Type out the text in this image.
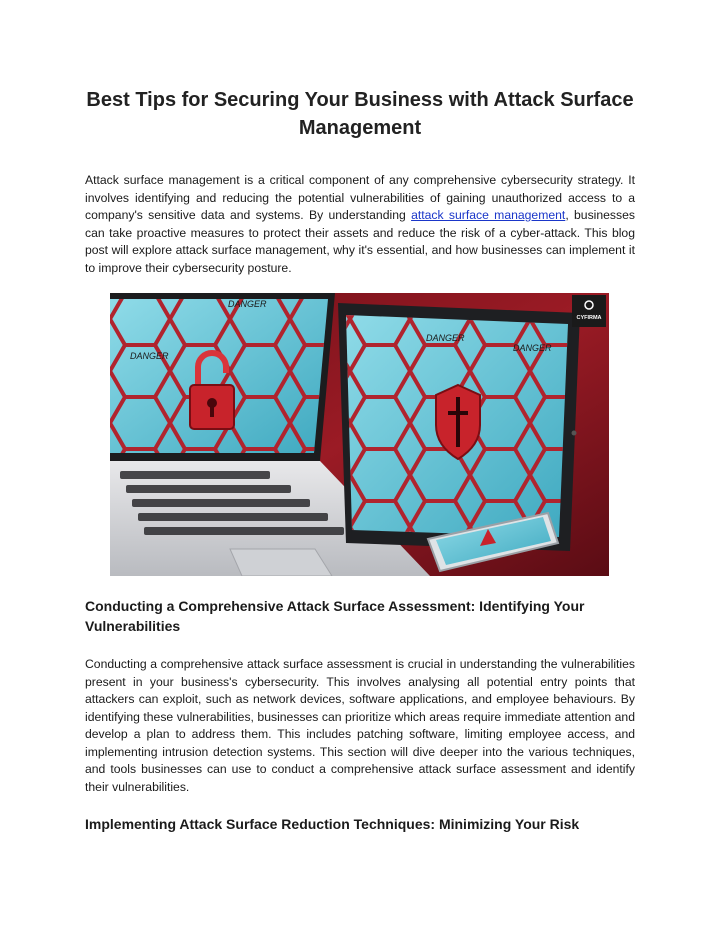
Best Tips for Securing Your Business with Attack Surface Management

Attack surface management is a critical component of any comprehensive cybersecurity strategy. It involves identifying and reducing the potential vulnerabilities of gaining unauthorized access to a company's sensitive data and systems. By understanding attack surface management, businesses can take proactive measures to protect their assets and reduce the risk of a cyber-attack. This blog post will explore attack surface management, why it's essential, and how businesses can implement it to improve their cybersecurity posture.

DANGER
DANGER
DANGER
DANGER
CYFIRMA
Conducting a Comprehensive Attack Surface Assessment: Identifying Your Vulnerabilities

Conducting a comprehensive attack surface assessment is crucial in understanding the vulnerabilities present in your business's cybersecurity. This involves analysing all potential entry points that attackers can exploit, such as network devices, software applications, and employee behaviours. By identifying these vulnerabilities, businesses can prioritize which areas require immediate attention and develop a plan to address them. This includes patching software, limiting employee access, and implementing intrusion detection systems. This section will dive deeper into the various techniques, and tools businesses can use to conduct a comprehensive attack surface assessment and identify their vulnerabilities.

Implementing Attack Surface Reduction Techniques: Minimizing Your Risk
